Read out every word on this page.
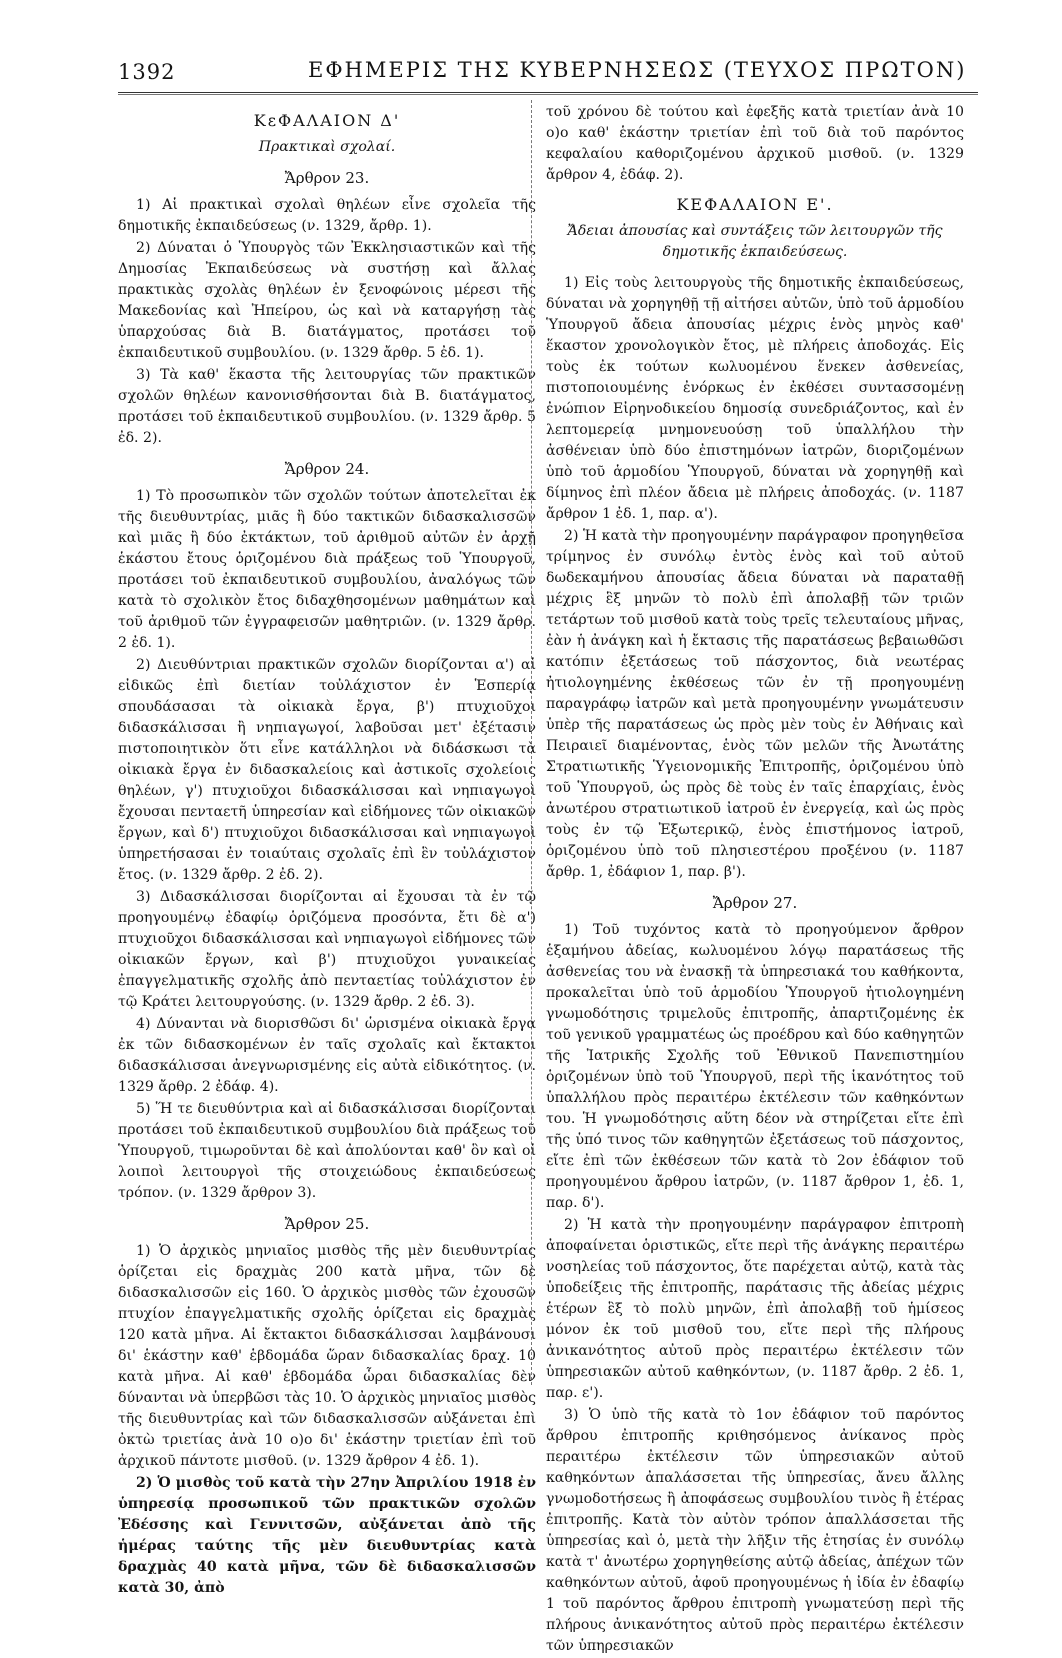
1392	ΕΦΗΜΕΡΙΣ ΤΗΣ ΚΥΒΕΡΝΗΣΕΩΣ (ΤΕΥΧΟΣ ΠΡΩΤΟΝ)
ΚεΦΑΛΑΙΟΝ Δ'
Πρακτικαὶ σχολαί.
Ἄρθρον 23.

1) Αἱ πρακτικαὶ σχολαὶ θηλέων εἶνε σχολεῖα τῆς δημοτικῆς ἐκπαιδεύσεως (ν. 1329, ἄρθρ. 1).

2) Δύναται ὁ Ὑπουργὸς τῶν Ἐκκλησιαστικῶν καὶ τῆς Δημοσίας Ἐκπαιδεύσεως νὰ συστήσῃ καὶ ἄλλας πρακτικὰς σχολὰς θηλέων ἐν ξενοφώνοις μέρεσι τῆς Μακεδονίας καὶ Ἠπείρου, ὡς καὶ νὰ καταργήσῃ τὰς ὑπαρχούσας διὰ Β. διατάγματος, προτάσει τοῦ ἐκπαιδευτικοῦ συμβουλίου. (ν. 1329 ἄρθρ. 5 ἐδ. 1).

3) Τὰ καθ' ἕκαστα τῆς λειτουργίας τῶν πρακτικῶν σχολῶν θηλέων κανονισθήσονται διὰ Β. διατάγματος, προτάσει τοῦ ἐκπαιδευτικοῦ συμβουλίου. (ν. 1329 ἄρθρ. 5 ἐδ. 2).

Ἄρθρον 24.

1) Τὸ προσωπικὸν τῶν σχολῶν τούτων ἀποτελεῖται ἐκ τῆς διευθυντρίας, μιᾶς ἢ δύο τακτικῶν διδασκαλισσῶν καὶ μιᾶς ἢ δύο ἐκτάκτων, τοῦ ἀριθμοῦ αὐτῶν ἐν ἀρχῇ ἑκάστου ἔτους ὁριζομένου διὰ πράξεως τοῦ Ὑπουργοῦ, προτάσει τοῦ ἐκπαιδευτικοῦ συμβουλίου, ἀναλόγως τῶν κατὰ τὸ σχολικὸν ἔτος διδαχθησομένων μαθημάτων καὶ τοῦ ἀριθμοῦ τῶν ἐγγραφεισῶν μαθητριῶν. (ν. 1329 ἄρθρ. 2 ἐδ. 1).

2) Διευθύντριαι πρακτικῶν σχολῶν διορίζονται α') αἱ εἰδικῶς ἐπὶ διετίαν τοὐλάχιστον ἐν Ἑσπερίᾳ σπουδάσασαι τὰ οἰκιακὰ ἔργα, β') πτυχιοῦχοι διδασκάλισσαι ἢ νηπιαγωγοί, λαβοῦσαι μετ' ἐξέτασιν πιστοποιητικὸν ὅτι εἶνε κατάλληλοι νὰ διδάσκωσι τὰ οἰκιακὰ ἔργα ἐν διδασκαλείοις καὶ ἀστικοῖς σχολείοις θηλέων, γ') πτυχιοῦχοι διδασκάλισσαι καὶ νηπιαγωγοὶ ἔχουσαι πενταετῆ ὑπηρεσίαν καὶ εἰδήμονες τῶν οἰκιακῶν ἔργων, καὶ δ') πτυχιοῦχοι διδασκάλισσαι καὶ νηπιαγωγοὶ ὑπηρετήσασαι ἐν τοιαύταις σχολαῖς ἐπὶ ἓν τοὐλάχιστον ἔτος. (ν. 1329 ἄρθρ. 2 ἐδ. 2).

3) Διδασκάλισσαι διορίζονται αἱ ἔχουσαι τὰ ἐν τῷ προηγουμένῳ ἐδαφίῳ ὁριζόμενα προσόντα, ἔτι δὲ α') πτυχιοῦχοι διδασκάλισσαι καὶ νηπιαγωγοὶ εἰδήμονες τῶν οἰκιακῶν ἔργων, καὶ β') πτυχιοῦχοι γυναικείας ἐπαγγελματικῆς σχολῆς ἀπὸ πενταετίας τοὐλάχιστον ἐν τῷ Κράτει λειτουργούσης. (ν. 1329 ἄρθρ. 2 ἐδ. 3).

4) Δύνανται νὰ διορισθῶσι δι' ὡρισμένα οἰκιακὰ ἔργα ἐκ τῶν διδασκομένων ἐν ταῖς σχολαῖς καὶ ἔκτακτοι διδασκάλισσαι ἀνεγνωρισμένης εἰς αὐτὰ εἰδικότητος. (ν. 1329 ἄρθρ. 2 ἐδάφ. 4).

5) Ἥ τε διευθύντρια καὶ αἱ διδασκάλισσαι διορίζονται προτάσει τοῦ ἐκπαιδευτικοῦ συμβουλίου διὰ πράξεως τοῦ Ὑπουργοῦ, τιμωροῦνται δὲ καὶ ἀπολύονται καθ' ὃν καὶ οἱ λοιποὶ λειτουργοὶ τῆς στοιχειώδους ἐκπαιδεύσεως τρόπον. (ν. 1329 ἄρθρον 3).

Ἄρθρον 25.

1) Ὁ ἀρχικὸς μηνιαῖος μισθὸς τῆς μὲν διευθυντρίας ὁρίζεται εἰς δραχμὰς 200 κατὰ μῆνα, τῶν δὲ διδασκαλισσῶν εἰς 160. Ὁ ἀρχικὸς μισθὸς τῶν ἐχουσῶν πτυχίον ἐπαγγελματικῆς σχολῆς ὁρίζεται εἰς δραχμὰς 120 κατὰ μῆνα. Αἱ ἔκτακτοι διδασκάλισσαι λαμβάνουσι δι' ἑκάστην καθ' ἑβδομάδα ὥραν διδασκαλίας δραχ. 10 κατὰ μῆνα. Αἱ καθ' ἑβδομάδα ὧραι διδασκαλίας δὲν δύνανται νὰ ὑπερβῶσι τὰς 10. Ὁ ἀρχικὸς μηνιαῖος μισθὸς τῆς διευθυντρίας καὶ τῶν διδασκαλισσῶν αὐξάνεται ἐπὶ ὀκτὼ τριετίας ἀνὰ 10 ο)ο δι' ἑκάστην τριετίαν ἐπὶ τοῦ ἀρχικοῦ πάντοτε μισθοῦ. (ν. 1329 ἄρθρον 4 ἐδ. 1).

2) Ὁ μισθὸς τοῦ κατὰ τὴν 27ην Ἀπριλίου 1918 ἐν ὑπηρεσίᾳ προσωπικοῦ τῶν πρακτικῶν σχολῶν Ἐδέσσης καὶ Γεννιτσῶν, αὐξάνεται ἀπὸ τῆς ἡμέρας ταύτης τῆς μὲν διευθυντρίας κατὰ δραχμὰς 40 κατὰ μῆνα, τῶν δὲ διδασκαλισσῶν κατὰ 30, ἀπὸ

τοῦ χρόνου δὲ τούτου καὶ ἐφεξῆς κατὰ τριετίαν ἀνὰ 10 ο)ο καθ' ἑκάστην τριετίαν ἐπὶ τοῦ διὰ τοῦ παρόντος κεφαλαίου καθοριζομένου ἀρχικοῦ μισθοῦ. (ν. 1329 ἄρθρον 4, ἐδάφ. 2).

ΚΕΦΑΛΑΙΟΝ Ε'.
Ἄδειαι ἀπουσίας καὶ συντάξεις τῶν λειτουργῶν τῆς δημοτικῆς ἐκπαιδεύσεως.

1) Εἰς τοὺς λειτουργοὺς τῆς δημοτικῆς ἐκπαιδεύσεως, δύναται νὰ χορηγηθῇ τῇ αἰτήσει αὐτῶν, ὑπὸ τοῦ ἁρμοδίου Ὑπουργοῦ ἄδεια ἀπουσίας μέχρις ἑνὸς μηνὸς καθ' ἕκαστον χρονολογικὸν ἔτος, μὲ πλήρεις ἀποδοχάς. Εἰς τοὺς ἐκ τούτων κωλυομένου ἕνεκεν ἀσθενείας, πιστοποιουμένης ἐνόρκως ἐν ἐκθέσει συντασσομένῃ ἐνώπιον Εἰρηνοδικείου δημοσίᾳ συνεδριάζοντος, καὶ ἐν λεπτομερείᾳ μνημονευούσῃ τοῦ ὑπαλλήλου τὴν ἀσθένειαν ὑπὸ δύο ἐπιστημόνων ἰατρῶν, διοριζομένων ὑπὸ τοῦ ἁρμοδίου Ὑπουργοῦ, δύναται νὰ χορηγηθῇ καὶ δίμηνος ἐπὶ πλέον ἄδεια μὲ πλήρεις ἀποδοχάς. (ν. 1187 ἄρθρον 1 ἐδ. 1, παρ. α').

2) Ἡ κατὰ τὴν προηγουμένην παράγραφον προηγηθεῖσα τρίμηνος ἐν συνόλῳ ἐντὸς ἑνὸς καὶ τοῦ αὐτοῦ δωδεκαμήνου ἀπουσίας ἄδεια δύναται νὰ παραταθῇ μέχρις ἓξ μηνῶν τὸ πολὺ ἐπὶ ἀπολαβῇ τῶν τριῶν τετάρτων τοῦ μισθοῦ κατὰ τοὺς τρεῖς τελευταίους μῆνας, ἐὰν ἡ ἀνάγκη καὶ ἡ ἔκτασις τῆς παρατάσεως βεβαιωθῶσι κατόπιν ἐξετάσεως τοῦ πάσχοντος, διὰ νεωτέρας ἠτιολογημένης ἐκθέσεως τῶν ἐν τῇ προηγουμένῃ παραγράφῳ ἰατρῶν καὶ μετὰ προηγουμένην γνωμάτευσιν ὑπὲρ τῆς παρατάσεως ὡς πρὸς μὲν τοὺς ἐν Ἀθήναις καὶ Πειραιεῖ διαμένοντας, ἑνὸς τῶν μελῶν τῆς Ἀνωτάτης Στρατιωτικῆς Ὑγειονομικῆς Ἐπιτροπῆς, ὁριζομένου ὑπὸ τοῦ Ὑπουργοῦ, ὡς πρὸς δὲ τοὺς ἐν ταῖς ἐπαρχίαις, ἑνὸς ἀνωτέρου στρατιωτικοῦ ἰατροῦ ἐν ἐνεργείᾳ, καὶ ὡς πρὸς τοὺς ἐν τῷ Ἐξωτερικῷ, ἑνὸς ἐπιστήμονος ἰατροῦ, ὁριζομένου ὑπὸ τοῦ πλησιεστέρου προξένου (ν. 1187 ἄρθρ. 1, ἐδάφιον 1, παρ. β').

Ἄρθρον 27.

1) Τοῦ τυχόντος κατὰ τὸ προηγούμενον ἄρθρον ἑξαμήνου ἀδείας, κωλυομένου λόγῳ παρατάσεως τῆς ἀσθενείας του νὰ ἐνασκῇ τὰ ὑπηρεσιακά του καθήκοντα, προκαλεῖται ὑπὸ τοῦ ἁρμοδίου Ὑπουργοῦ ἠτιολογημένη γνωμοδότησις τριμελοῦς ἐπιτροπῆς, ἀπαρτιζομένης ἐκ τοῦ γενικοῦ γραμματέως ὡς προέδρου καὶ δύο καθηγητῶν τῆς Ἰατρικῆς Σχολῆς τοῦ Ἐθνικοῦ Πανεπιστημίου ὁριζομένων ὑπὸ τοῦ Ὑπουργοῦ, περὶ τῆς ἱκανότητος τοῦ ὑπαλλήλου πρὸς περαιτέρω ἐκτέλεσιν τῶν καθηκόντων του. Ἡ γνωμοδότησις αὕτη δέον νὰ στηρίζεται εἴτε ἐπὶ τῆς ὑπό τινος τῶν καθηγητῶν ἐξετάσεως τοῦ πάσχοντος, εἴτε ἐπὶ τῶν ἐκθέσεων τῶν κατὰ τὸ 2ον ἐδάφιον τοῦ προηγουμένου ἄρθρου ἰατρῶν, (ν. 1187 ἄρθρον 1, ἐδ. 1, παρ. δ').

2) Ἡ κατὰ τὴν προηγουμένην παράγραφον ἐπιτροπὴ ἀποφαίνεται ὁριστικῶς, εἴτε περὶ τῆς ἀνάγκης περαιτέρω νοσηλείας τοῦ πάσχοντος, ὅτε παρέχεται αὐτῷ, κατὰ τὰς ὑποδείξεις τῆς ἐπιτροπῆς, παράτασις τῆς ἀδείας μέχρις ἑτέρων ἓξ τὸ πολὺ μηνῶν, ἐπὶ ἀπολαβῇ τοῦ ἡμίσεος μόνον ἐκ τοῦ μισθοῦ του, εἴτε περὶ τῆς πλήρους ἀνικανότητος αὐτοῦ πρὸς περαιτέρω ἐκτέλεσιν τῶν ὑπηρεσιακῶν αὐτοῦ καθηκόντων, (ν. 1187 ἄρθρ. 2 ἐδ. 1, παρ. ε').

3) Ὁ ὑπὸ τῆς κατὰ τὸ 1ον ἐδάφιον τοῦ παρόντος ἄρθρου ἐπιτροπῆς κριθησόμενος ἀνίκανος πρὸς περαιτέρω ἐκτέλεσιν τῶν ὑπηρεσιακῶν αὐτοῦ καθηκόντων ἀπαλάσσεται τῆς ὑπηρεσίας, ἄνευ ἄλλης γνωμοδοτήσεως ἢ ἀποφάσεως συμβουλίου τινὸς ἢ ἑτέρας ἐπιτροπῆς. Κατὰ τὸν αὐτὸν τρόπον ἀπαλλάσσεται τῆς ὑπηρεσίας καὶ ὁ, μετὰ τὴν λῆξιν τῆς ἐτησίας ἐν συνόλῳ κατὰ τ' ἀνωτέρω χορηγηθείσης αὐτῷ ἀδείας, ἀπέχων τῶν καθηκόντων αὐτοῦ, ἀφοῦ προηγουμένως ἡ ἰδία ἐν ἐδαφίῳ 1 τοῦ παρόντος ἄρθρου ἐπιτροπὴ γνωματεύσῃ περὶ τῆς πλήρους ἀνικανότητος αὐτοῦ πρὸς περαιτέρω ἐκτέλεσιν τῶν ὑπηρεσιακῶν
